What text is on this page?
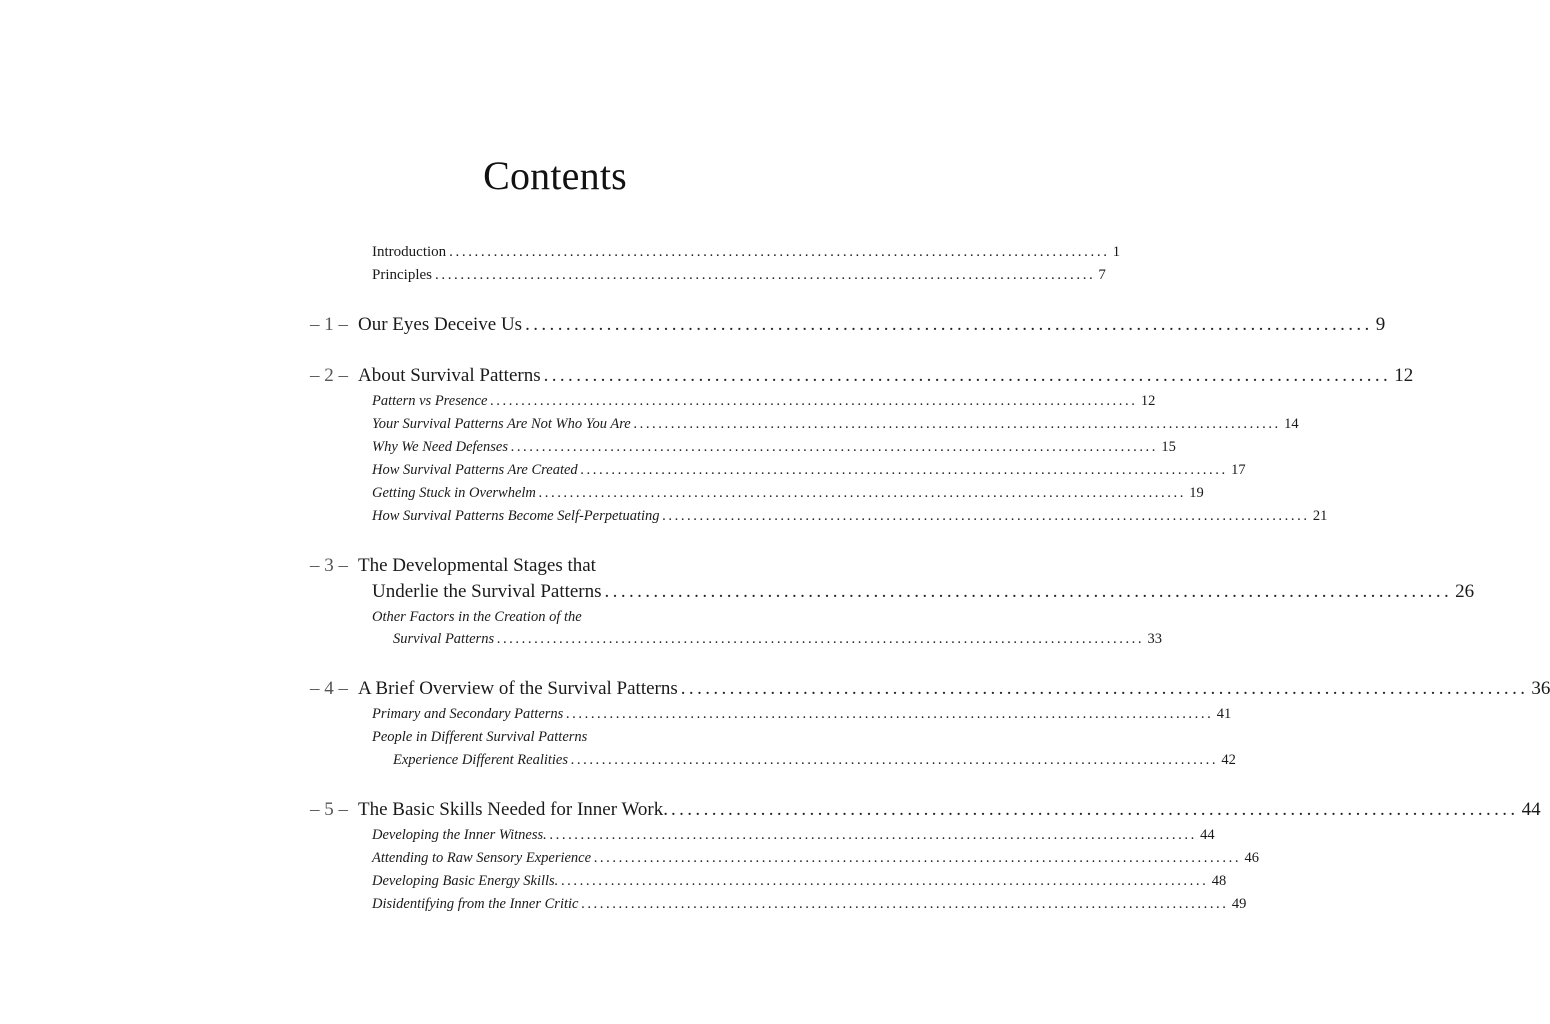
Contents
Introduction ........................................................................................................ 1
Principles ........................................................................................................ 7
– 1 – Our Eyes Deceive Us ........................................................................................................ 9
– 2 – About Survival Patterns ........................................................................................................ 12
Pattern vs Presence ........................................................................................................ 12
Your Survival Patterns Are Not Who You Are ........................................................................................................ 14
Why We Need Defenses ........................................................................................................ 15
How Survival Patterns Are Created ........................................................................................................ 17
Getting Stuck in Overwhelm ........................................................................................................ 19
How Survival Patterns Become Self-Perpetuating ........................................................................................................ 21
– 3 – The Developmental Stages that
Underlie the Survival Patterns ........................................................................................................ 26
Other Factors in the Creation of the
Survival Patterns ........................................................................................................ 33
– 4 – A Brief Overview of the Survival Patterns ........................................................................................................ 36
Primary and Secondary Patterns ........................................................................................................ 41
People in Different Survival Patterns
Experience Different Realities ........................................................................................................ 42
– 5 – The Basic Skills Needed for Inner Work. ........................................................................................................ 44
Developing the Inner Witness. ........................................................................................................ 44
Attending to Raw Sensory Experience ........................................................................................................ 46
Developing Basic Energy Skills. ........................................................................................................ 48
Disidentifying from the Inner Critic ........................................................................................................ 49
